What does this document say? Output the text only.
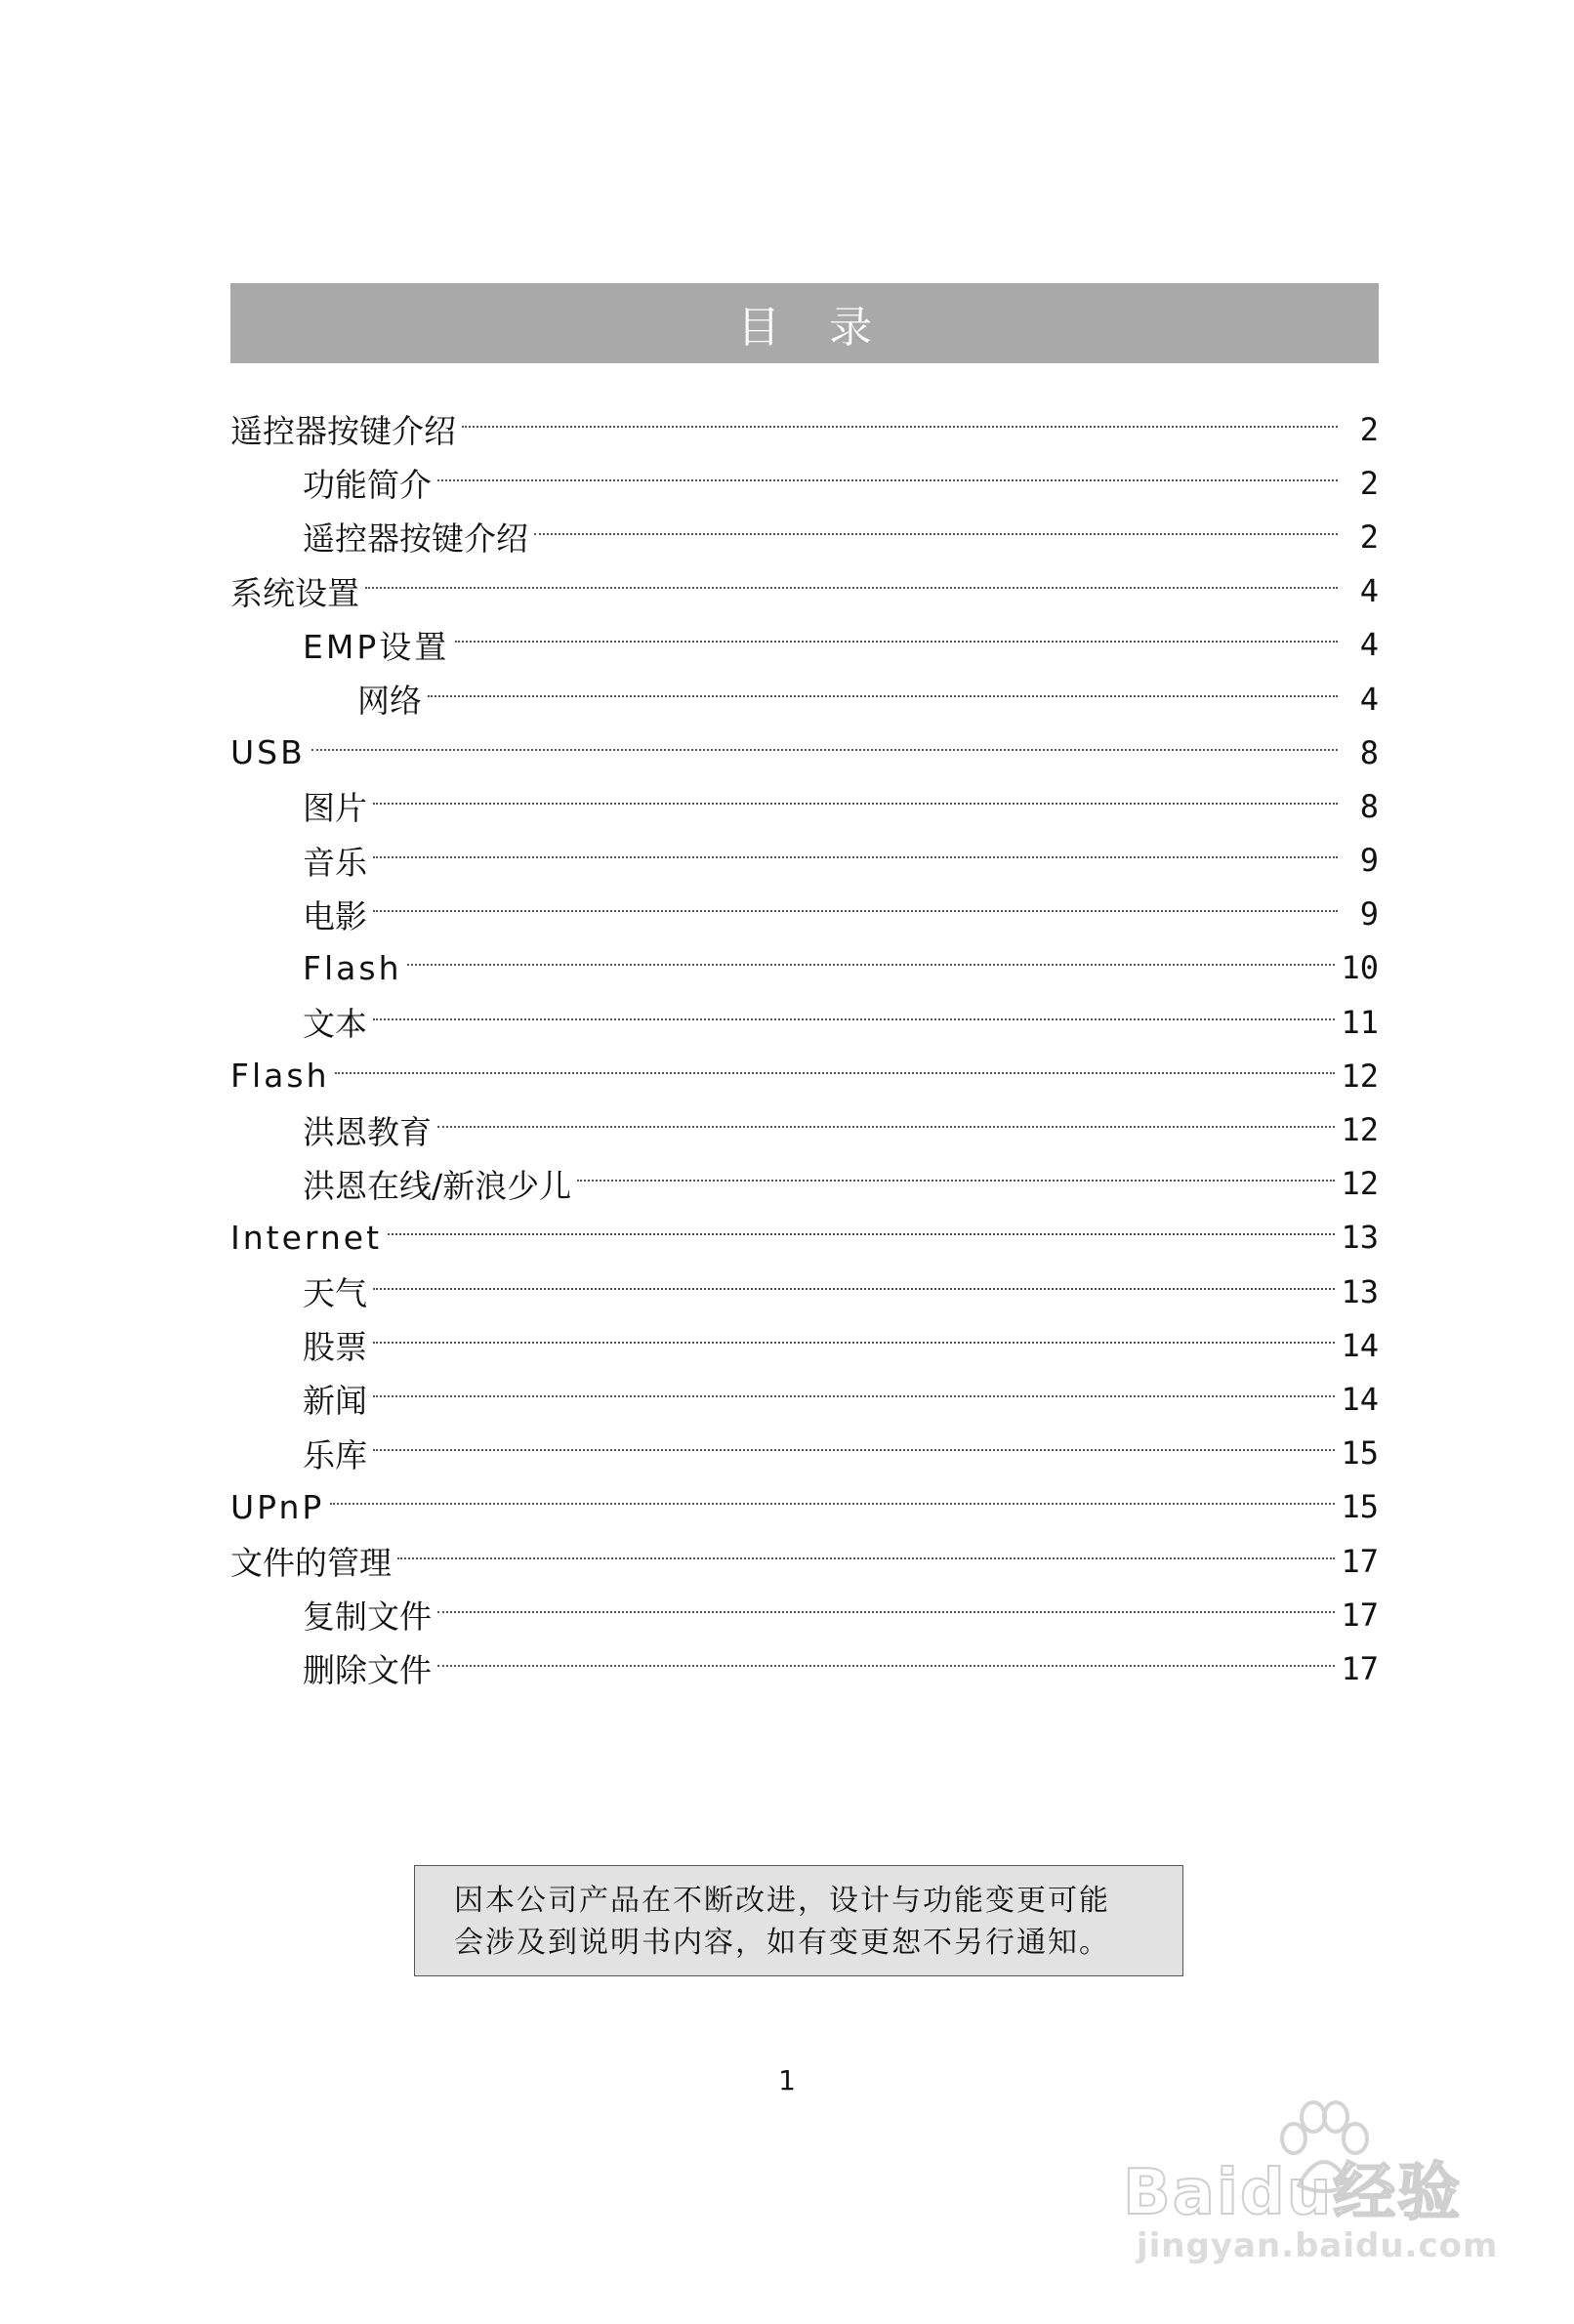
目 录
遥控器按键介绍	2
功能简介	2
遥控器按键介绍	2
系统设置	4
EMP设置	4
网络	4
USB	8
图片	8
音乐	9
电影	9
Flash	10
文本	11
Flash	12
洪恩教育	12
洪恩在线/新浪少儿	12
Internet	13
天气	13
股票	14
新闻	14
乐库	15
UPnP	15
文件的管理	17
复制文件	17
删除文件	17
因本公司产品在不断改进，设计与功能变更可能
会涉及到说明书内容，如有变更恕不另行通知。
1
Baidu经验
jingyan.baidu.com
